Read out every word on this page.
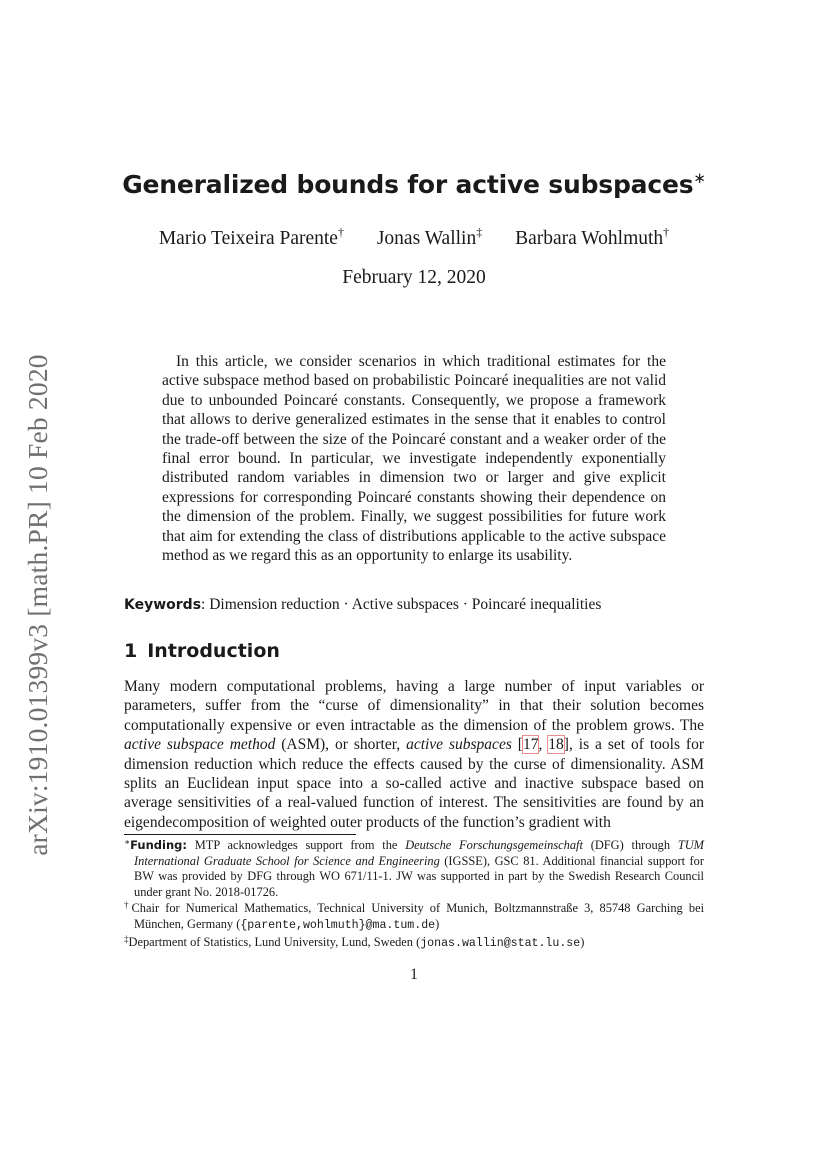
arXiv:1910.01399v3 [math.PR] 10 Feb 2020
Generalized bounds for active subspaces∗
Mario Teixeira Parente† Jonas Wallin‡ Barbara Wohlmuth†
February 12, 2020
In this article, we consider scenarios in which traditional estimates for the active subspace method based on probabilistic Poincaré inequalities are not valid due to unbounded Poincaré constants. Consequently, we propose a framework that allows to derive generalized estimates in the sense that it enables to control the trade-off between the size of the Poincaré constant and a weaker order of the final error bound. In particular, we investigate independently exponentially distributed random variables in dimension two or larger and give explicit expressions for corresponding Poincaré constants showing their dependence on the dimension of the problem. Finally, we suggest possibilities for future work that aim for extending the class of distributions applicable to the active subspace method as we regard this as an opportunity to enlarge its usability.
Keywords: Dimension reduction · Active subspaces · Poincaré inequalities
1 Introduction
Many modern computational problems, having a large number of input variables or parameters, suffer from the “curse of dimensionality” in that their solution becomes computationally expensive or even intractable as the dimension of the problem grows. The active subspace method (ASM), or shorter, active subspaces [17, 18], is a set of tools for dimension reduction which reduce the effects caused by the curse of dimensionality. ASM splits an Euclidean input space into a so-called active and inactive subspace based on average sensitivities of a real-valued function of interest. The sensitivities are found by an eigendecomposition of weighted outer products of the function’s gradient with
∗Funding: MTP acknowledges support from the Deutsche Forschungsgemeinschaft (DFG) through TUM International Graduate School for Science and Engineering (IGSSE), GSC 81. Additional financial support for BW was provided by DFG through WO 671/11-1. JW was supported in part by the Swedish Research Council under grant No. 2018-01726.
†Chair for Numerical Mathematics, Technical University of Munich, Boltzmannstraße 3, 85748 Garching bei München, Germany ({parente,wohlmuth}@ma.tum.de)
‡Department of Statistics, Lund University, Lund, Sweden (jonas.wallin@stat.lu.se)
1
